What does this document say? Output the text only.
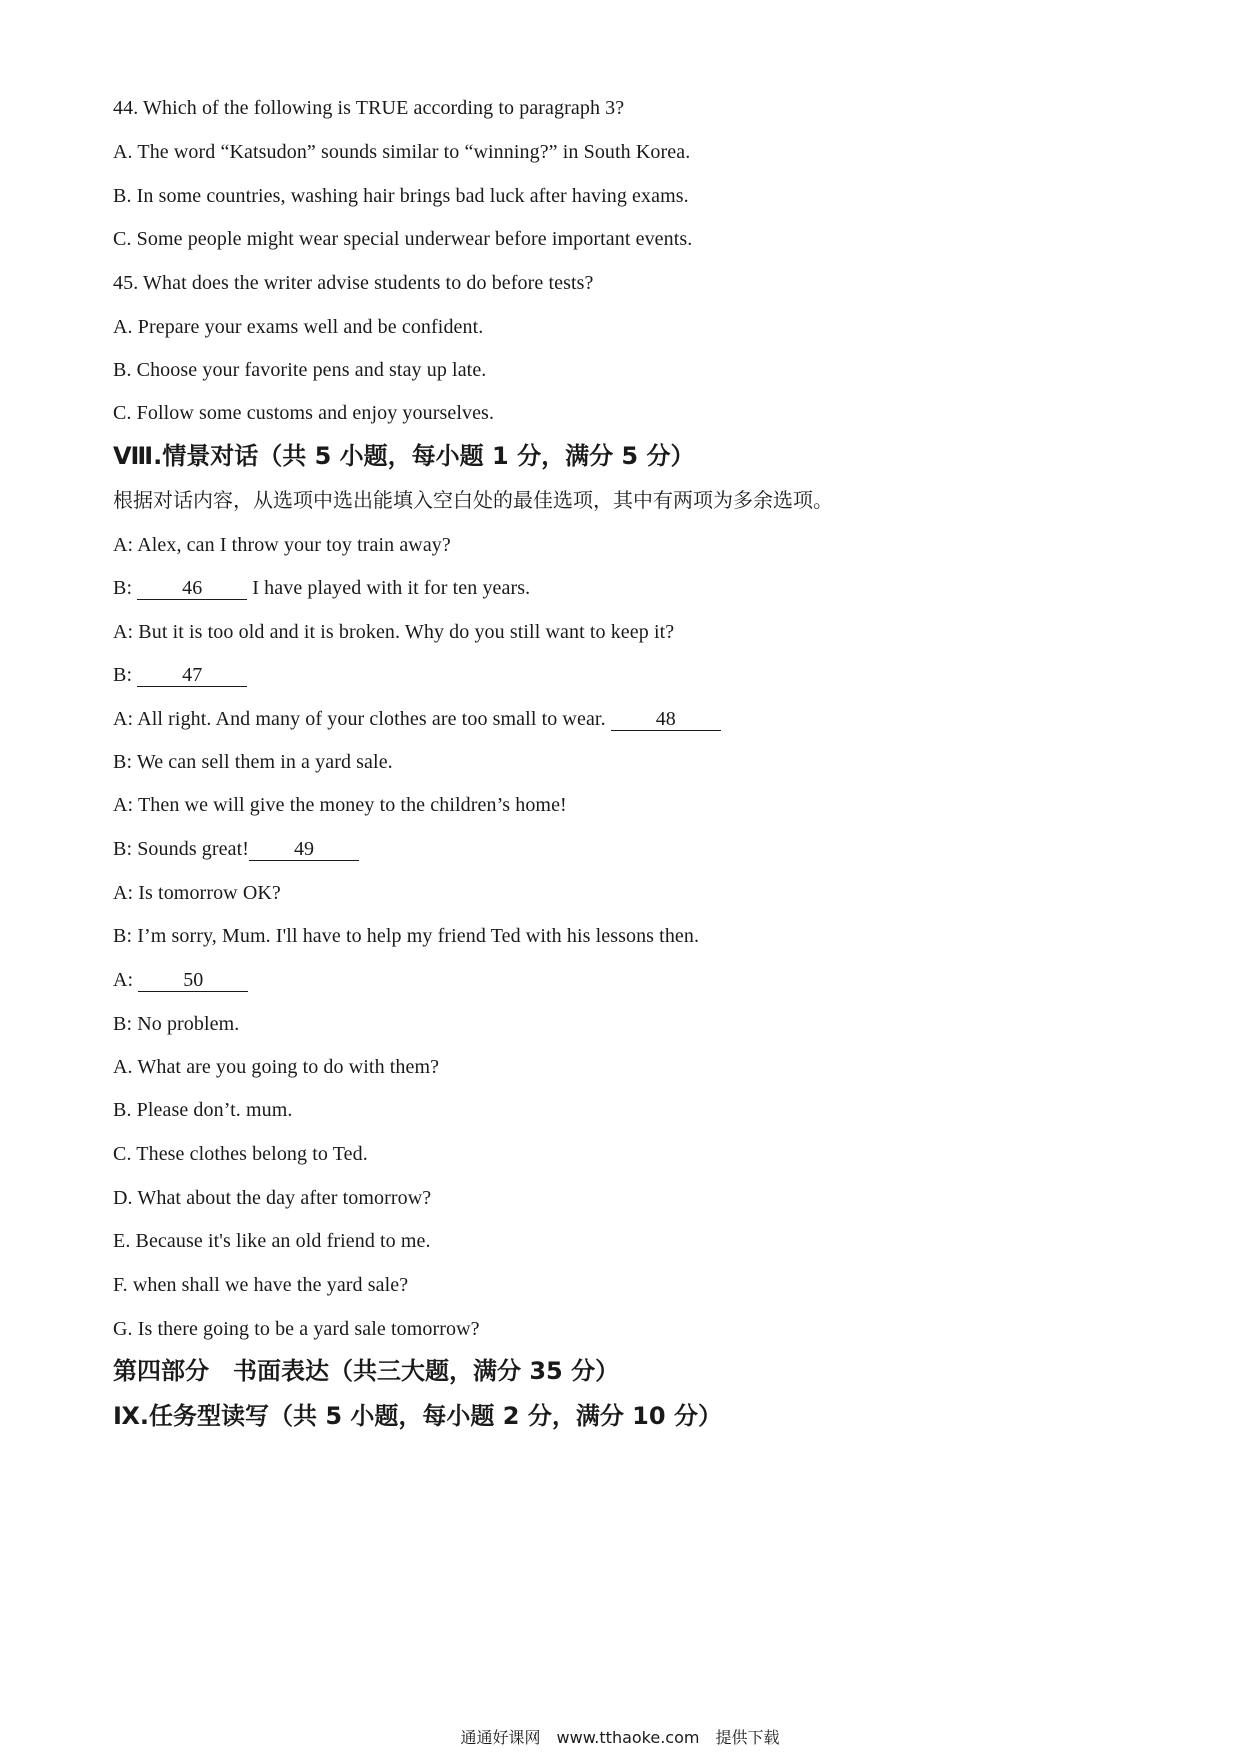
44. Which of the following is TRUE according to paragraph 3?

A. The word “Katsudon” sounds similar to “winning?” in South Korea.

B. In some countries, washing hair brings bad luck after having exams.

C. Some people might wear special underwear before important events.

45. What does the writer advise students to do before tests?

A. Prepare your exams well and be confident.

B. Choose your favorite pens and stay up late.

C. Follow some customs and enjoy yourselves.

Ⅷ.情景对话（共 5 小题，每小题 1 分，满分 5 分）

根据对话内容，从选项中选出能填入空白处的最佳选项，其中有两项为多余选项。

A: Alex, can I throw your toy train away?

B: 46 I have played with it for ten years.

A: But it is too old and it is broken. Why do you still want to keep it?

B: 47

A: All right. And many of your clothes are too small to wear. 48

B: We can sell them in a yard sale.

A: Then we will give the money to the children’s home!

B: Sounds great! 49

A: Is tomorrow OK?

B: I’m sorry, Mum. I'll have to help my friend Ted with his lessons then.

A: 50

B: No problem.

A. What are you going to do with them?

B. Please don’t. mum.

C. These clothes belong to Ted.

D. What about the day after tomorrow?

E. Because it's like an old friend to me.

F. when shall we have the yard sale?

G. Is there going to be a yard sale tomorrow?

第四部分　书面表达（共三大题，满分 35 分）

Ⅸ.任务型读写（共 5 小题，每小题 2 分，满分 10 分）

通通好课网　www.tthaoke.com　提供下载
